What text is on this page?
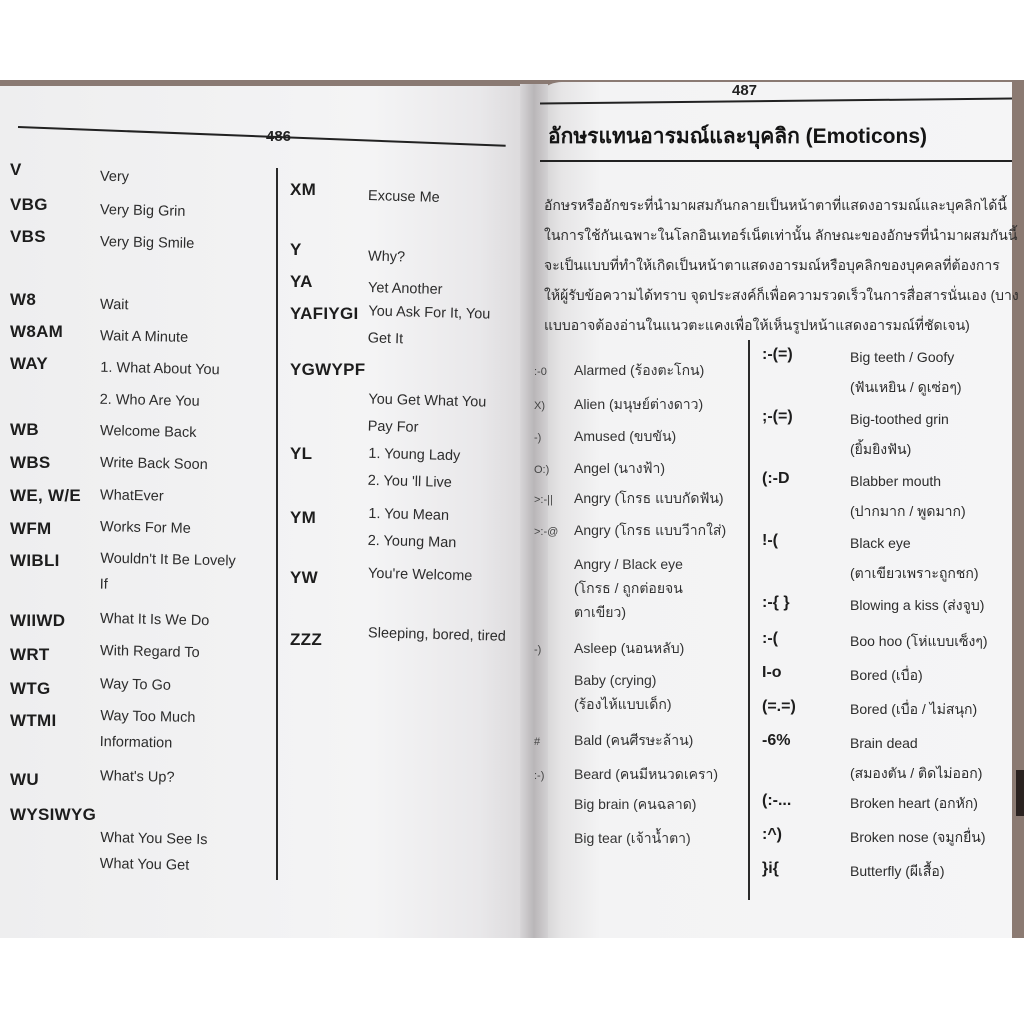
486
V	Very
VBG	Very Big Grin
VBS	Very Big Smile
W8	Wait
W8AM	Wait A Minute
WAY	1. What About You
2. Who Are You
WB	Welcome Back
WBS	Write Back Soon
WE, W/E WhatEver
WFM	Works For Me
WIBLI	Wouldn't It Be Lovely
If
WIIWD What It Is We Do
WRT	With Regard To
WTG	Way To Go
WTMI	Way Too Much
Information
WU	What's Up?
WYSIWYG
What You See Is
What You Get
XM	Excuse Me
Y	Why?
YA	Yet Another
YAFIYGI You Ask For It, You
Get It
YGWYPF
You Get What You
Pay For
YL	1. Young Lady
2. You 'll Live
YM	1. You Mean
2. Young Man
YW	You're Welcome
ZZZ	Sleeping, bored, tired
487
อักษรแทนอารมณ์และบุคลิก (Emoticons)
อักษรหรืออักขระที่นำมาผสมกันกลายเป็นหน้าตาที่แสดงอารมณ์และบุคลิกได้นี้
ในการใช้กันเฉพาะในโลกอินเทอร์เน็ตเท่านั้น ลักษณะของอักษรที่นำมาผสมกันนี้
จะเป็นแบบที่ทำให้เกิดเป็นหน้าตาแสดงอารมณ์หรือบุคลิกของบุคคลที่ต้องการ
ให้ผู้รับข้อความได้ทราบ จุดประสงค์ก็เพื่อความรวดเร็วในการสื่อสารนั่นเอง (บาง
แบบอาจต้องอ่านในแนวตะแคงเพื่อให้เห็นรูปหน้าแสดงอารมณ์ที่ชัดเจน)
:-0 Alarmed (ร้องตะโกน)
X) Alien (มนุษย์ต่างดาว)
-) Amused (ขบขัน)
O:) Angel (นางฟ้า)
>:-|| Angry (โกรธ แบบกัดฟัน)
>:-@ Angry (โกรธ แบบวีากใส่)
Angry / Black eye
(โกรธ / ถูกต่อยจน
ตาเขียว)
-) Asleep (นอนหลับ)
Baby (crying)
(ร้องไห้แบบเด็ก)
# Bald (คนศีรษะล้าน)
:-) Beard (คนมีหนวดเครา)
Big brain (คนฉลาด)
Big tear (เจ้าน้ำตา)
:-(=)	Big teeth / Goofy
(ฟันเหยิน / ดูเซ่อๆ)
;-(=)	Big-toothed grin
(ยิ้มยิงฟัน)
(:-D	Blabber mouth
(ปากมาก / พูดมาก)
!-(	Black eye
(ตาเขียวเพราะถูกชก)
:-{ }	Blowing a kiss (ส่งจูบ)
:-(	Boo hoo (โห่แบบเซ็งๆ)
I-o	Bored (เบื่อ)
(=.=)	Bored (เบื่อ / ไม่สนุก)
-6%	Brain dead
(สมองตัน / ติดไม่ออก)
(:-...	Broken heart (อกหัก)
:^)	Broken nose (จมูกยื่น)
}i{	Butterfly (ผีเสื้อ)
